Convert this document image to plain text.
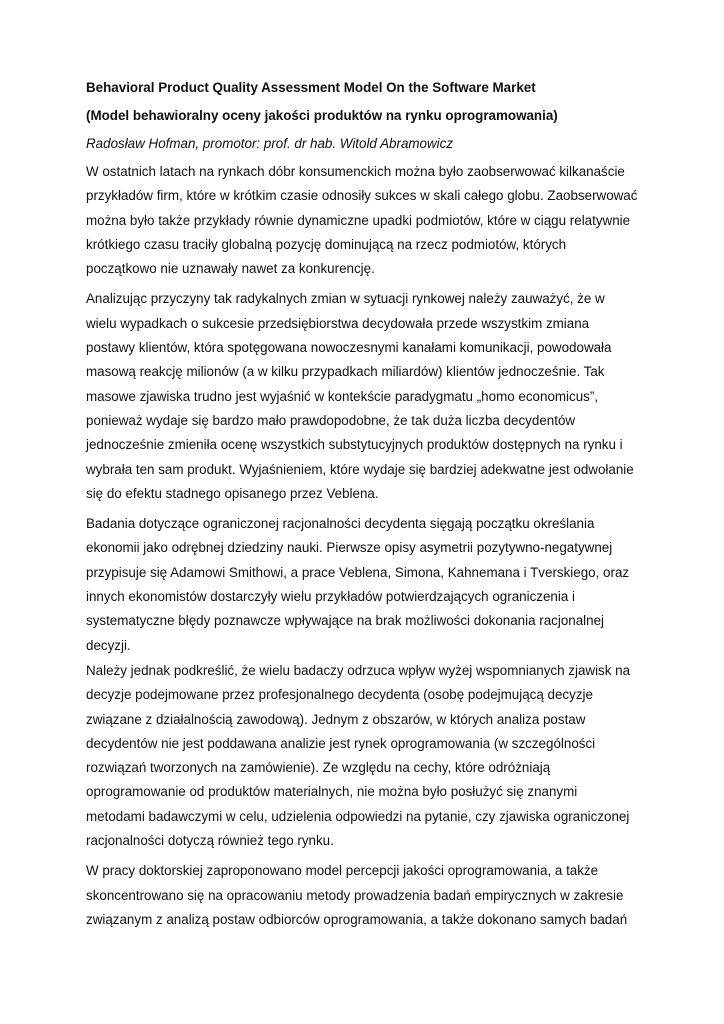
Behavioral Product Quality Assessment Model On the Software Market

(Model behawioralny oceny jakości produktów na rynku oprogramowania)

Radosław Hofman, promotor: prof. dr hab. Witold Abramowicz

W ostatnich latach na rynkach dóbr konsumenckich można było zaobserwować kilkanaście
przykładów firm, które w krótkim czasie odnosiły sukces w skali całego globu. Zaobserwować
można było także przykłady równie dynamiczne upadki podmiotów, które w ciągu relatywnie
krótkiego czasu traciły globalną pozycję dominującą na rzecz podmiotów, których
początkowo nie uznawały nawet za konkurencję.

Analizując przyczyny tak radykalnych zmian w sytuacji rynkowej należy zauważyć, że w
wielu wypadkach o sukcesie przedsiębiorstwa decydowała przede wszystkim zmiana
postawy klientów, która spotęgowana nowoczesnymi kanałami komunikacji, powodowała
masową reakcję milionów (a w kilku przypadkach miliardów) klientów jednocześnie. Tak
masowe zjawiska trudno jest wyjaśnić w kontekście paradygmatu „homo economicus”,
ponieważ wydaje się bardzo mało prawdopodobne, że tak duża liczba decydentów
jednocześnie zmieniła ocenę wszystkich substytucyjnych produktów dostępnych na rynku i
wybrała ten sam produkt. Wyjaśnieniem, które wydaje się bardziej adekwatne jest odwołanie
się do efektu stadnego opisanego przez Veblena.

Badania dotyczące ograniczonej racjonalności decydenta sięgają początku określania
ekonomii jako odrębnej dziedziny nauki. Pierwsze opisy asymetrii pozytywno-negatywnej
przypisuje się Adamowi Smithowi, a prace Veblena, Simona, Kahnemana i Tverskiego, oraz
innych ekonomistów dostarczyły wielu przykładów potwierdzających ograniczenia i
systematyczne błędy poznawcze wpływające na brak możliwości dokonania racjonalnej
decyzji.

Należy jednak podkreślić, że wielu badaczy odrzuca wpływ wyżej wspomnianych zjawisk na
decyzje podejmowane przez profesjonalnego decydenta (osobę podejmującą decyzje
związane z działalnością zawodową). Jednym z obszarów, w których analiza postaw
decydentów nie jest poddawana analizie jest rynek oprogramowania (w szczególności
rozwiązań tworzonych na zamówienie). Ze względu na cechy, które odróżniają
oprogramowanie od produktów materialnych, nie można było posłużyć się znanymi
metodami badawczymi w celu, udzielenia odpowiedzi na pytanie, czy zjawiska ograniczonej
racjonalności dotyczą również tego rynku.

W pracy doktorskiej zaproponowano model percepcji jakości oprogramowania, a także
skoncentrowano się na opracowaniu metody prowadzenia badań empirycznych w zakresie
związanym z analizą postaw odbiorców oprogramowania, a także dokonano samych badań
